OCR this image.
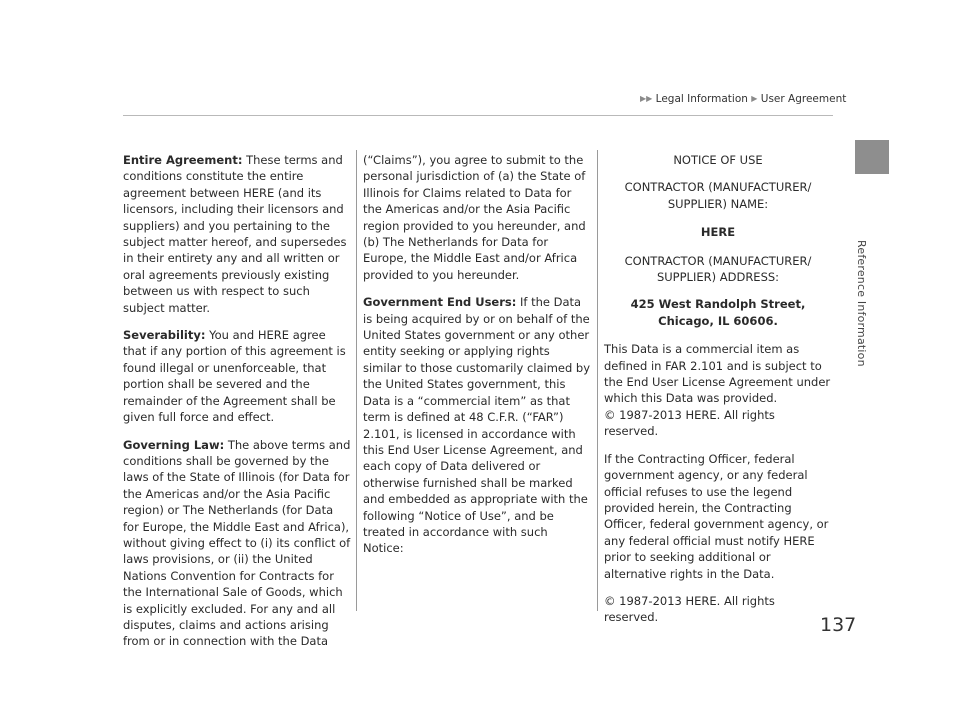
▶▶ Legal Information ▶ User Agreement
Reference Information

Entire Agreement: These terms and conditions constitute the entire agreement between HERE (and its licensors, including their licensors and suppliers) and you pertaining to the subject matter hereof, and supersedes in their entirety any and all written or oral agreements previously existing between us with respect to such subject matter.

Severability: You and HERE agree that if any portion of this agreement is found illegal or unenforceable, that portion shall be severed and the remainder of the Agreement shall be given full force and effect.

Governing Law: The above terms and conditions shall be governed by the laws of the State of Illinois (for Data for the Americas and/or the Asia Pacific region) or The Netherlands (for Data for Europe, the Middle East and Africa), without giving effect to (i) its conflict of laws provisions, or (ii) the United Nations Convention for Contracts for the International Sale of Goods, which is explicitly excluded. For any and all disputes, claims and actions arising from or in connection with the Data

(“Claims”), you agree to submit to the personal jurisdiction of (a) the State of Illinois for Claims related to Data for the Americas and/or the Asia Pacific region provided to you hereunder, and (b) The Netherlands for Data for Europe, the Middle East and/or Africa provided to you hereunder.

Government End Users: If the Data is being acquired by or on behalf of the United States government or any other entity seeking or applying rights similar to those customarily claimed by the United States government, this Data is a “commercial item” as that term is defined at 48 C.F.R. (“FAR”) 2.101, is licensed in accordance with this End User License Agreement, and each copy of Data delivered or otherwise furnished shall be marked and embedded as appropriate with the following “Notice of Use”, and be treated in accordance with such Notice:

NOTICE OF USE

CONTRACTOR (MANUFACTURER/ SUPPLIER) NAME:

HERE

CONTRACTOR (MANUFACTURER/ SUPPLIER) ADDRESS:

425 West Randolph Street, Chicago, IL 60606.

This Data is a commercial item as defined in FAR 2.101 and is subject to the End User License Agreement under which this Data was provided.

© 1987-2013 HERE. All rights reserved.

If the Contracting Officer, federal government agency, or any federal official refuses to use the legend provided herein, the Contracting Officer, federal government agency, or any federal official must notify HERE prior to seeking additional or alternative rights in the Data.

© 1987-2013 HERE. All rights reserved.	137
